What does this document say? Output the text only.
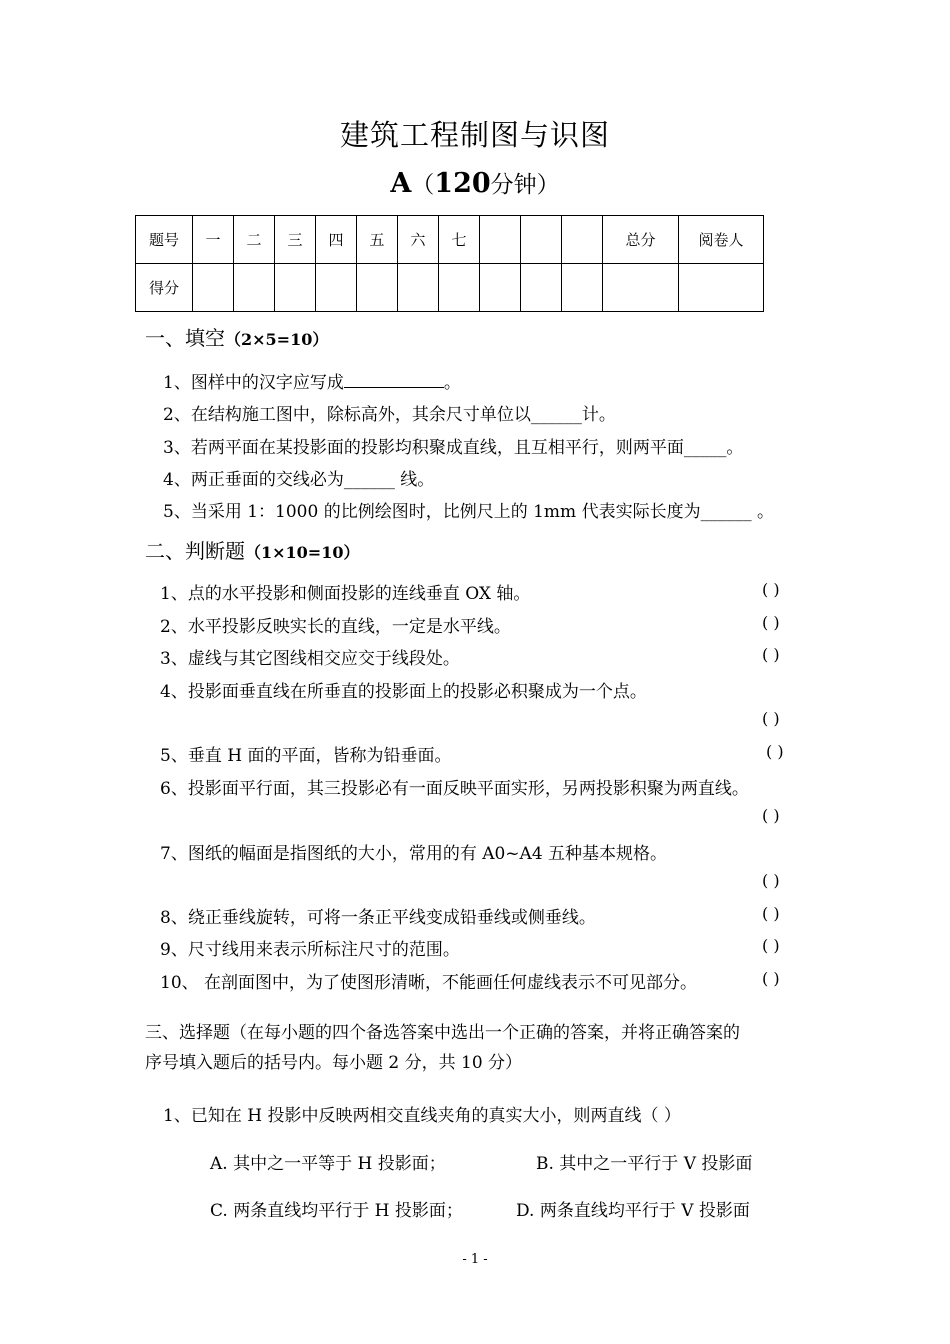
建筑工程制图与识图
A（120分钟）
题号	一	二	三	四	五	六	七				总分	阅卷人
得分												
一、填空（2×5=10）
1、图样中的汉字应写成	。
2、在结构施工图中，除标高外，其余尺寸单位以______计。
3、若两平面在某投影面的投影均积聚成直线，且互相平行，则两平面_____。
4、两正垂面的交线必为______ 线。
5、当采用 1：1000 的比例绘图时，比例尺上的 1mm 代表实际长度为______ 。
二、判断题（1×10=10）
1、点的水平投影和侧面投影的连线垂直 OX 轴。	( )
2、水平投影反映实长的直线，一定是水平线。	( )
3、虚线与其它图线相交应交于线段处。	( )
4、投影面垂直线在所垂直的投影面上的投影必积聚成为一个点。
( )
5、垂直 H 面的平面，皆称为铅垂面。	( )
6、投影面平行面，其三投影必有一面反映平面实形，另两投影积聚为两直线。
( )
7、图纸的幅面是指图纸的大小，常用的有 A0~A4 五种基本规格。
( )
8、绕正垂线旋转，可将一条正平线变成铅垂线或侧垂线。	( )
9、尺寸线用来表示所标注尺寸的范围。	( )
10、 在剖面图中，为了使图形清晰，不能画任何虚线表示不可见部分。	( )
三、选择题（在每小题的四个备选答案中选出一个正确的答案，并将正确答案的
序号填入题后的括号内。每小题 2 分，共 10 分）
1、已知在 H 投影中反映两相交直线夹角的真实大小，则两直线（ ）
A. 其中之一平等于 H 投影面；	B. 其中之一平行于 V 投影面
C. 两条直线均平行于 H 投影面；	D. 两条直线均平行于 V 投影面
- 1 -
